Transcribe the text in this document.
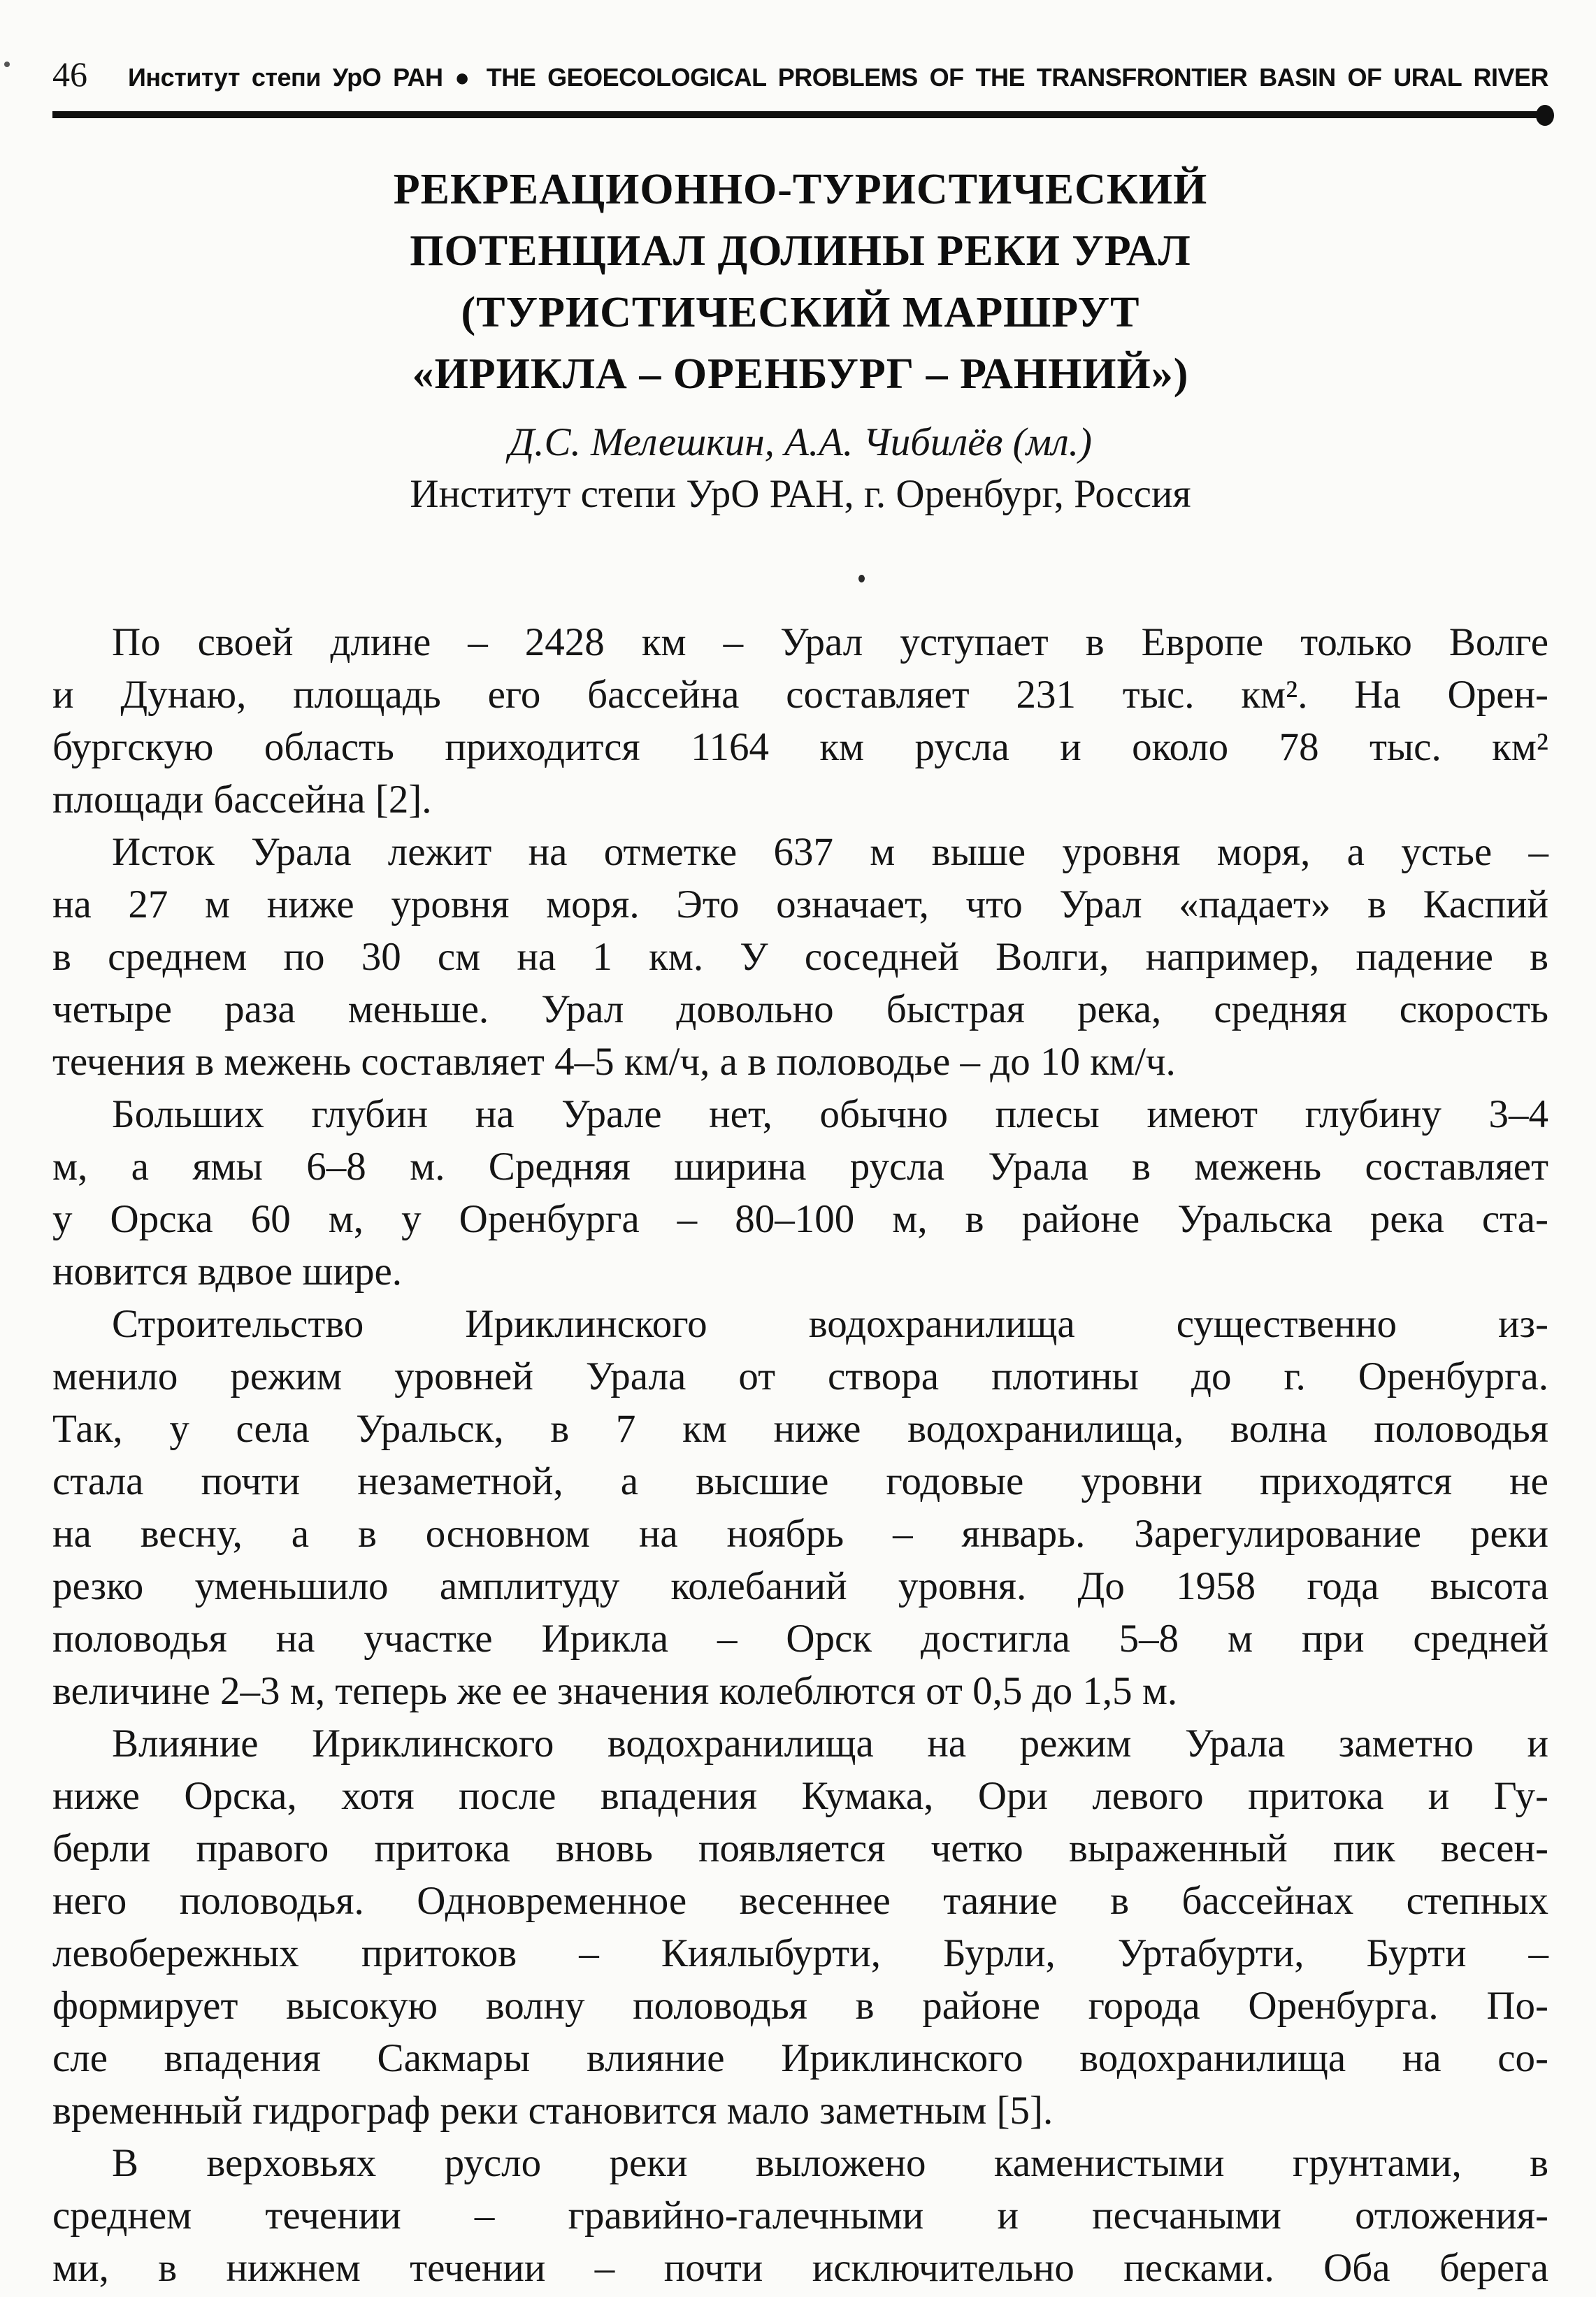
46 Институт степи УрО РАН ● THE GEOECOLOGICAL PROBLEMS OF THE TRANSFRONTIER BASIN OF URAL RIVER
РЕКРЕАЦИОННО-ТУРИСТИЧЕСКИЙ
ПОТЕНЦИАЛ ДОЛИНЫ РЕКИ УРАЛ
(ТУРИСТИЧЕСКИЙ МАРШРУТ
«ИРИКЛА – ОРЕНБУРГ – РАННИЙ»)
Д.С. Мелешкин, А.А. Чибилёв (мл.)
Институт степи УрО РАН, г. Оренбург, Россия
По своей длине – 2428 км – Урал уступает в Европе только Волге
и Дунаю, площадь его бассейна составляет 231 тыс. км². На Орен-
бургскую область приходится 1164 км русла и около 78 тыс. км²
площади бассейна [2].
Исток Урала лежит на отметке 637 м выше уровня моря, а устье –
на 27 м ниже уровня моря. Это означает, что Урал «падает» в Каспий
в среднем по 30 см на 1 км. У соседней Волги, например, падение в
четыре раза меньше. Урал довольно быстрая река, средняя скорость
течения в межень составляет 4–5 км/ч, а в половодье – до 10 км/ч.
Больших глубин на Урале нет, обычно плесы имеют глубину 3–4
м, а ямы 6–8 м. Средняя ширина русла Урала в межень составляет
у Орска 60 м, у Оренбурга – 80–100 м, в районе Уральска река ста-
новится вдвое шире.
Строительство Ириклинского водохранилища существенно из-
менило режим уровней Урала от створа плотины до г. Оренбурга.
Так, у села Уральск, в 7 км ниже водохранилища, волна половодья
стала почти незаметной, а высшие годовые уровни приходятся не
на весну, а в основном на ноябрь – январь. Зарегулирование реки
резко уменьшило амплитуду колебаний уровня. До 1958 года высота
половодья на участке Ирикла – Орск достигла 5–8 м при средней
величине 2–3 м, теперь же ее значения колеблются от 0,5 до 1,5 м.
Влияние Ириклинского водохранилища на режим Урала заметно и
ниже Орска, хотя после впадения Кумака, Ори левого притока и Гу-
берли правого притока вновь появляется четко выраженный пик весен-
него половодья. Одновременное весеннее таяние в бассейнах степных
левобережных притоков – Киялыбурти, Бурли, Уртабурти, Бурти –
формирует высокую волну половодья в районе города Оренбурга. По-
сле впадения Сакмары влияние Ириклинского водохранилища на со-
временный гидрограф реки становится мало заметным [5].
В верховьях русло реки выложено каменистыми грунтами, в
среднем течении – гравийно-галечными и песчаными отложения-
ми, в нижнем течении – почти исключительно песками. Оба берега
